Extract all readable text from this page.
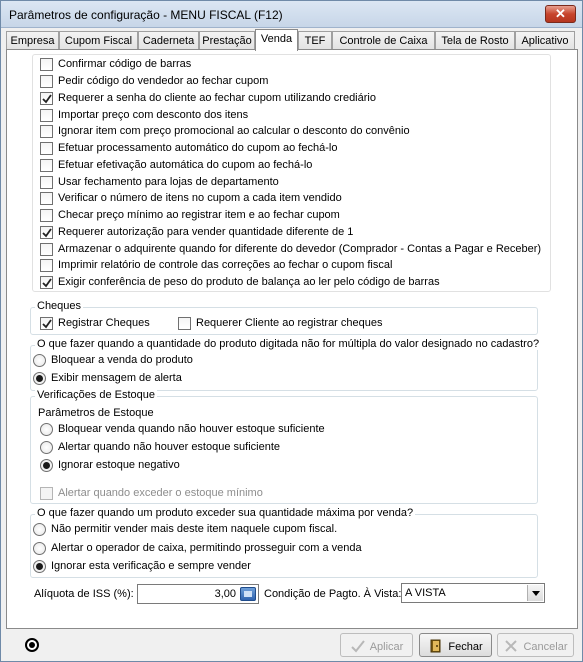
Parâmetros de configuração - MENU FISCAL (F12)	✕
Empresa Cupom Fiscal Caderneta Prestação Venda	TEF	Controle de Caixa	Tela de Rosto	Aplicativo
Confirmar código de barras
Pedir código do vendedor ao fechar cupom
Requerer a senha do cliente ao fechar cupom utilizando crediário
Importar preço com desconto dos itens
Ignorar item com preço promocional ao calcular o desconto do convênio
Efetuar processamento automático do cupom ao fechá-lo
Efetuar efetivação automática do cupom ao fechá-lo
Usar fechamento para lojas de departamento
Verificar o número de itens no cupom a cada item vendido
Checar preço mínimo ao registrar item e ao fechar cupom
Requerer autorização para vender quantidade diferente de 1
Armazenar o adquirente quando for diferente do devedor (Comprador - Contas a Pagar e Receber)
Imprimir relatório de controle das correções ao fechar o cupom fiscal
Exigir conferência de peso do produto de balança ao ler pelo código de barras
Cheques
Registrar Cheques	Requerer Cliente ao registrar cheques
O que fazer quando a quantidade do produto digitada não for múltipla do valor designado no cadastro?
Bloquear a venda do produto
Exibir mensagem de alerta
Verificações de Estoque
Parâmetros de Estoque
Bloquear venda quando não houver estoque suficiente
Alertar quando não houver estoque suficiente
Ignorar estoque negativo
Alertar quando exceder o estoque mínimo
O que fazer quando um produto exceder sua quantidade máxima por venda?
Não permitir vender mais deste item naquele cupom fiscal.
Alertar o operador de caixa, permitindo prosseguir com a venda
Ignorar esta verificação e sempre vender
Alíquota de ISS (%):	3,00	Condição de Pagto. À Vista: A VISTA
Aplicar	Fechar	Cancelar
